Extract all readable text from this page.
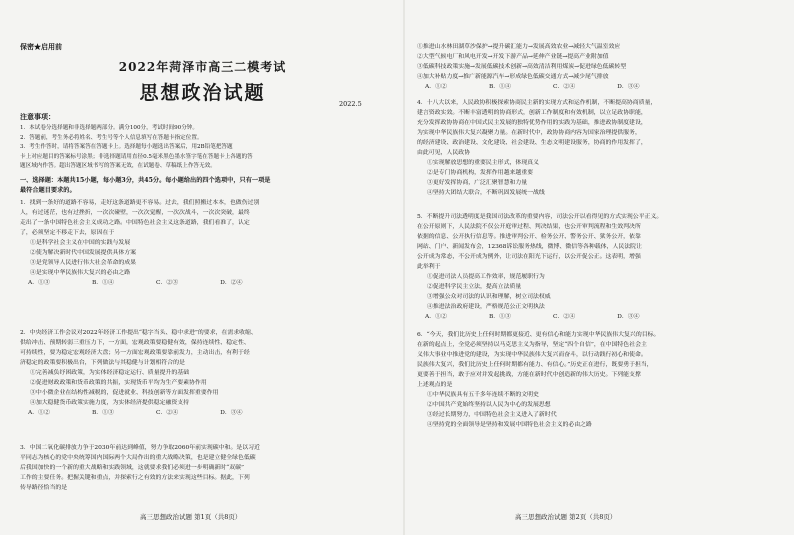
保密★启用前
2022年菏泽市高三二模考试
思想政治试题	2022.5
注意事项：

1．本试卷分选择题和非选择题两部分。满分100分，考试时间90分钟。

2．答题前，考生务必将姓名、考生号等个人信息填写在答题卡指定位置。

3．考生作答时，请将答案答在答题卡上。选择题每小题选出答案后，用2B铅笔把答题

卡上对应题目的答案标号涂黑；非选择题请用直径0.5毫米黑色墨水签字笔在答题卡上各题的答

题区域内作答。超出答题区域书写的答案无效，在试题卷、草稿纸上作答无效。

一、选择题：本题共15小题，每小题3分，共45分。每小题给出的四个选项中，只有一项是
最符合题目要求的。

1．找到一条好的道路不容易，走好这条道路更不容易。过去，我们照搬过本本，也做伤过别

人，有过迷茫，也有过挫折，一次次碰壁，一次次觉醒，一次次战斗，一次次突破，最终

走出了一条中国特色社会主义成功之路。中国特色社会主义这条道路，我们看准了，认定

了，必须坚定不移走下去，原因在于

①是科学社会主义在中国的实践与发展

②使为解决新时代中国发展提供具体方案

③是党领导人民进行伟大社会革命的成果

④是实现中华民族伟大复兴的必由之路

A．①③	B．①④	C．②③	D．②④

2．中央经济工作会议对2022年经济工作提出“稳字当头、稳中求进”的要求，在需求收缩、

供给冲击、预期转弱三重压力下，一方面，宏观政策要稳健有效，保持连续性、稳定性、

可持续性，要为稳定宏观经济大盘；另一方面宏观政策要靠前发力，主动出击，有利于经

济稳定的政策要积极出台，下列做法与其稳健与计划相符合的是

①完善减负纾困政策，为实体经济稳定运行、质量提升的基础

②促进财政政策和货币政策的共振，实现货币平均为生产要素协作用

③中小微企业在结构性减税的，促进就业、科技创新等方面发挥重要作用

④加大稳健货币政策实施力度，为实体经济提供稳定融资支持

A．①②	B．①③	C．②④	D．③④

3．中国二氧化碳排放力争于2030年前达到峰值，努力争取2060年前实现碳中和。是以习近

平同志为核心的党中央统筹国内国际两个大局作出的重大战略决策，也是建立健全绿色低碳

后我国加快的一个新的重大战略和实践领域，这就要求我们必须进一步明确新时“双碳”

工作的主要任务。把握关键和重点，并探索行之有效的方法来实现这些目标。据此，下列

传导路径恰当的是

高三思想政治试题 第1页（共8页）

①推进山水林田湖草沙保护→提升碳汇能力→发展高效农业→减轻大气温室效应

②大型气候电厂和风电开发→开发下游产品→延伸产业链→提高产业附加值

③低碳科技政策实施→发展低碳技术创新→高效清洁利用煤炭→促进绿色低碳转型

④加大补贴力度→推广新能源汽车→形成绿色低碳交通方式→减少尾气排放

A．①②	B．①④	C．②④	D．③④

4．十八大以来，人民政协积极探索协商民主新的实现方式和运作机制，不断提高协商质量，

建言资政实效。不断丰富透明的协商形式，创新工作制度和有效机制，以立足政协职能，

充分发挥政协协商在中国式民主发展的独特优势作用的实践为基础，推进政协制度建设，

为实现中华民族伟大复兴凝聚力量。在新时代中，政协协商内容为国家治理提供服务，

的经济建设、政治建设、文化建设、社会建设、生态文明建设服务，协商的作用发挥了，

由此可见，人民政协

①实现解放思想的重要民主形式，体现真义

②是专门协商机构，发挥作用越来越重要

③更好发挥协商，广泛汇聚智慧和力量

④坚持大团结大联合，不断巩固发展统一战线

5．不断提升司法透明度是我国司法改革的重要内容，司法公开以看得见的方式实现公平正义。

在公开原则下，人民法院不仅公开庭审过程、判决结果，也公开审判流程和生效判决所

依据的信息、公开执行信息等。推进审判公开、检务公开、警务公开、狱务公开，依靠

网站、门户、新闻发布会，12368诉讼服务热线，微博、微信等各种载体，人民法院让

公开成为常态，不公开成为例外，让司法在阳光下运行，以公开促公正。这表明，增强

此举利于

①促进司法人员提高工作效率，规范履职行为

②促进科学民主立法，提高立法质量

③增强公众对司法的认识和理解，树立司法权威

④推进法治政府建设，严格规范公正文明执法

A．①②	B．①③	C．②④	D．③④

6．“今天，我们比历史上任何时期都更接近、更有信心和能力实现中华民族伟大复兴的目标。

在新的起点上，全党必须坚持以马克思主义为指导，坚定“四个自信”，在中国特色社会主

义伟大事业中推进党的建设，为实现中华民族伟大复兴而奋斗，以行动践行初心和使命。

民族伟大复兴，我们比历史上任何时期都有能力、有信心。”历史正在进行，既要勇于担当，

更要善于担当，敢于应对并发起挑战，方能在新时代中创造新的伟大历史。下列能支撑

上述观点的是

①中华民族具有五千多年连续不断的文明史

②中国共产党始终坚持以人民为中心的发展思想

③经过长期努力，中国特色社会主义进入了新时代

④坚持党的全面领导是坚持和发展中国特色社会主义的必由之路

高三思想政治试题 第2页（共8页）
